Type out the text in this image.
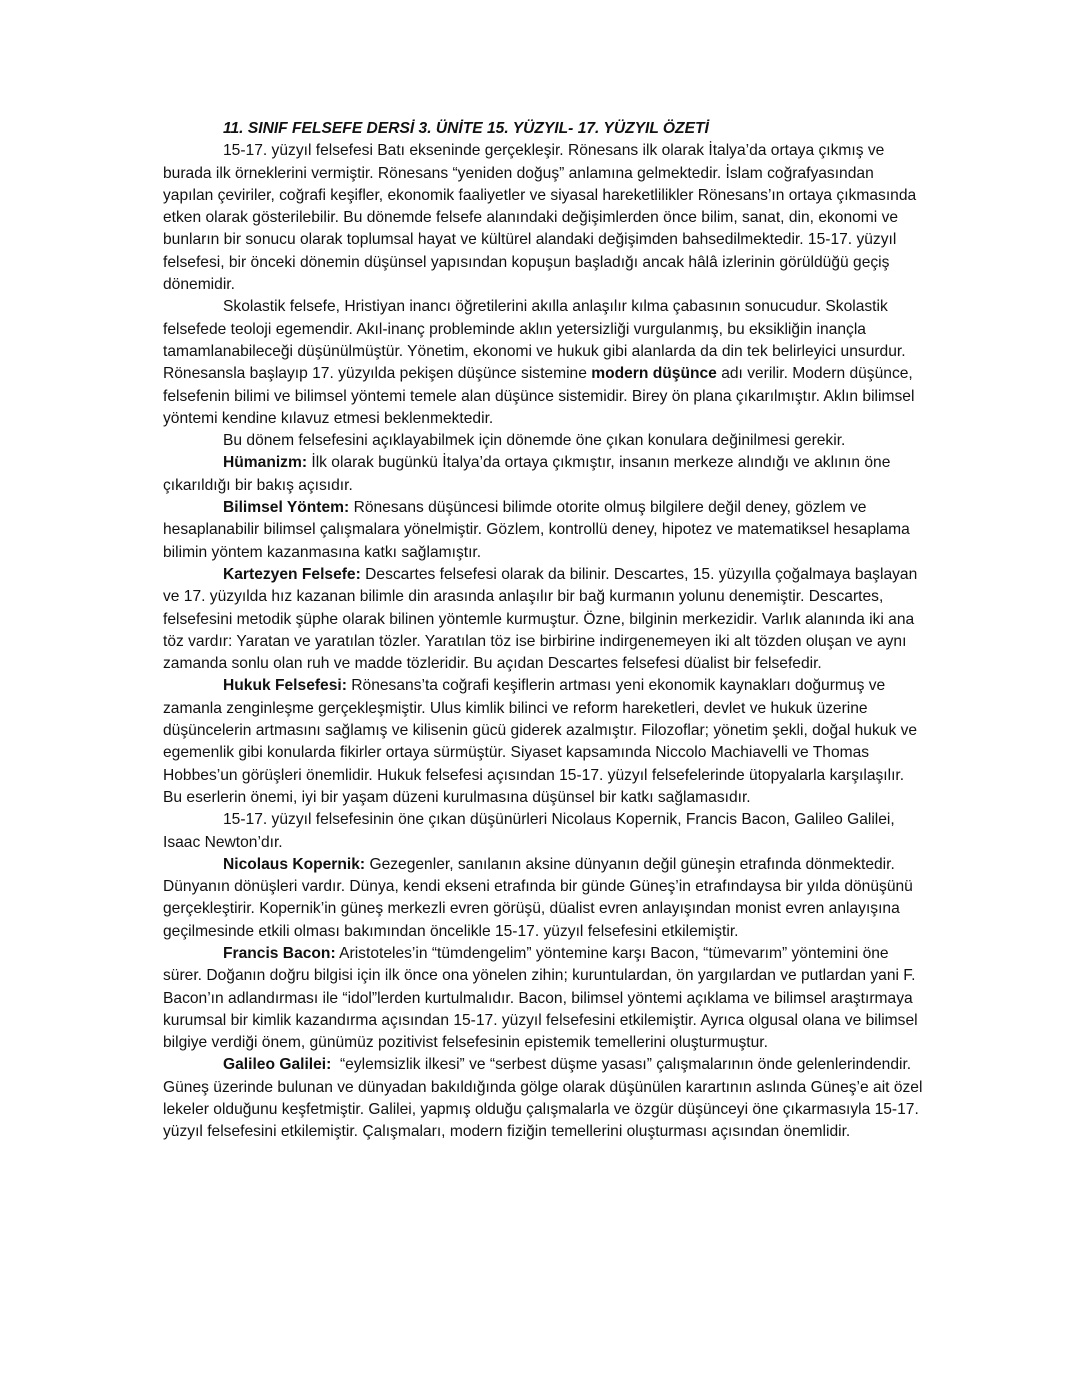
11. SINIF FELSEFE DERSİ 3. ÜNİTE 15. YÜZYIL- 17. YÜZYIL ÖZETİ

15-17. yüzyıl felsefesi Batı ekseninde gerçekleşir. Rönesans ilk olarak İtalya’da ortaya çıkmış ve burada ilk örneklerini vermiştir. Rönesans “yeniden doğuş” anlamına gelmektedir. İslam coğrafyasından yapılan çeviriler, coğrafi keşifler, ekonomik faaliyetler ve siyasal hareketlilikler Rönesans’ın ortaya çıkmasında etken olarak gösterilebilir. Bu dönemde felsefe alanındaki değişimlerden önce bilim, sanat, din, ekonomi ve bunların bir sonucu olarak toplumsal hayat ve kültürel alandaki değişimden bahsedilmektedir. 15-17. yüzyıl felsefesi, bir önceki dönemin düşünsel yapısından kopuşun başladığı ancak hâlâ izlerinin görüldüğü geçiş dönemidir.

Skolastik felsefe, Hristiyan inancı öğretilerini akılla anlaşılır kılma çabasının sonucudur. Skolastik felsefede teoloji egemendir. Akıl-inanç probleminde aklın yetersizliği vurgulanmış, bu eksikliğin inançla tamamlanabileceği düşünülmüştür. Yönetim, ekonomi ve hukuk gibi alanlarda da din tek belirleyici unsurdur. Rönesansla başlayıp 17. yüzyılda pekişen düşünce sistemine modern düşünce adı verilir. Modern düşünce, felsefenin bilimi ve bilimsel yöntemi temele alan düşünce sistemidir. Birey ön plana çıkarılmıştır. Aklın bilimsel yöntemi kendine kılavuz etmesi beklenmektedir.

Bu dönem felsefesini açıklayabilmek için dönemde öne çıkan konulara değinilmesi gerekir.

Hümanizm: İlk olarak bugünkü İtalya’da ortaya çıkmıştır, insanın merkeze alındığı ve aklının öne çıkarıldığı bir bakış açısıdır.

Bilimsel Yöntem: Rönesans düşüncesi bilimde otorite olmuş bilgilere değil deney, gözlem ve hesaplanabilir bilimsel çalışmalara yönelmiştir. Gözlem, kontrollü deney, hipotez ve matematiksel hesaplama bilimin yöntem kazanmasına katkı sağlamıştır.

Kartezyen Felsefe: Descartes felsefesi olarak da bilinir. Descartes, 15. yüzyılla çoğalmaya başlayan ve 17. yüzyılda hız kazanan bilimle din arasında anlaşılır bir bağ kurmanın yolunu denemiştir. Descartes, felsefesini metodik şüphe olarak bilinen yöntemle kurmuştur. Özne, bilginin merkezidir. Varlık alanında iki ana töz vardır: Yaratan ve yaratılan tözler. Yaratılan töz ise birbirine indirgenemeyen iki alt tözden oluşan ve aynı zamanda sonlu olan ruh ve madde tözleridir. Bu açıdan Descartes felsefesi düalist bir felsefedir.

Hukuk Felsefesi: Rönesans’ta coğrafi keşiflerin artması yeni ekonomik kaynakları doğurmuş ve zamanla zenginleşme gerçekleşmiştir. Ulus kimlik bilinci ve reform hareketleri, devlet ve hukuk üzerine düşüncelerin artmasını sağlamış ve kilisenin gücü giderek azalmıştır. Filozoflar; yönetim şekli, doğal hukuk ve egemenlik gibi konularda fikirler ortaya sürmüştür. Siyaset kapsamında Niccolo Machiavelli ve Thomas Hobbes’un görüşleri önemlidir. Hukuk felsefesi açısından 15-17. yüzyıl felsefelerinde ütopyalarla karşılaşılır. Bu eserlerin önemi, iyi bir yaşam düzeni kurulmasına düşünsel bir katkı sağlamasıdır.

15-17. yüzyıl felsefesinin öne çıkan düşünürleri Nicolaus Kopernik, Francis Bacon, Galileo Galilei, Isaac Newton’dır.

Nicolaus Kopernik: Gezegenler, sanılanın aksine dünyanın değil güneşin etrafında dönmektedir. Dünyanın dönüşleri vardır. Dünya, kendi ekseni etrafında bir günde Güneş’in etrafındaysa bir yılda dönüşünü gerçekleştirir. Kopernik’in güneş merkezli evren görüşü, düalist evren anlayışından monist evren anlayışına geçilmesinde etkili olması bakımından öncelikle 15-17. yüzyıl felsefesini etkilemiştir.

Francis Bacon: Aristoteles’in “tümdengelim” yöntemine karşı Bacon, “tümevarım” yöntemini öne sürer. Doğanın doğru bilgisi için ilk önce ona yönelen zihin; kuruntulardan, ön yargılardan ve putlardan yani F. Bacon’ın adlandırması ile “idol”lerden kurtulmalıdır. Bacon, bilimsel yöntemi açıklama ve bilimsel araştırmaya kurumsal bir kimlik kazandırma açısından 15-17. yüzyıl felsefesini etkilemiştir. Ayrıca olgusal olana ve bilimsel bilgiye verdiği önem, günümüz pozitivist felsefesinin epistemik temellerini oluşturmuştur.

Galileo Galilei:  “eylemsizlik ilkesi” ve “serbest düşme yasası” çalışmalarının önde gelenlerindendir. Güneş üzerinde bulunan ve dünyadan bakıldığında gölge olarak düşünülen karartının aslında Güneş’e ait özel lekeler olduğunu keşfetmiştir. Galilei, yapmış olduğu çalışmalarla ve özgür düşünceyi öne çıkarmasıyla 15-17. yüzyıl felsefesini etkilemiştir. Çalışmaları, modern fiziğin temellerini oluşturması açısından önemlidir.
